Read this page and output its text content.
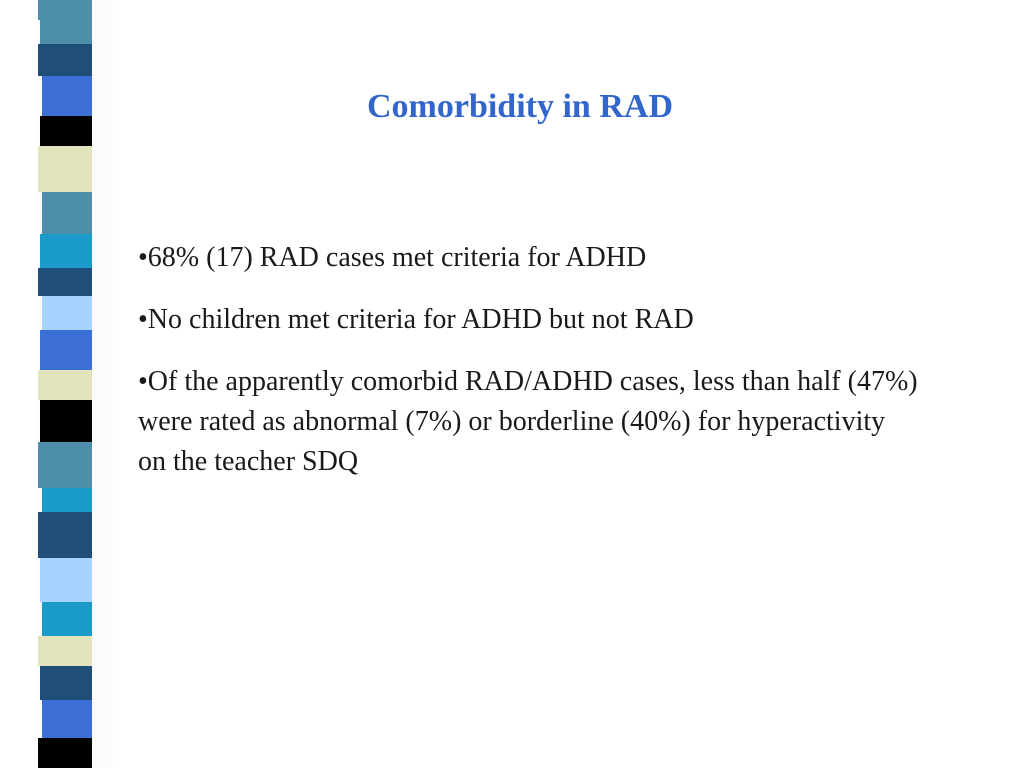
Comorbidity in RAD
•68% (17) RAD cases met criteria for ADHD
•No children met criteria for ADHD but not RAD
•Of the apparently comorbid RAD/ADHD cases, less than half (47%) were rated as abnormal (7%) or borderline (40%) for hyperactivity on the teacher SDQ
